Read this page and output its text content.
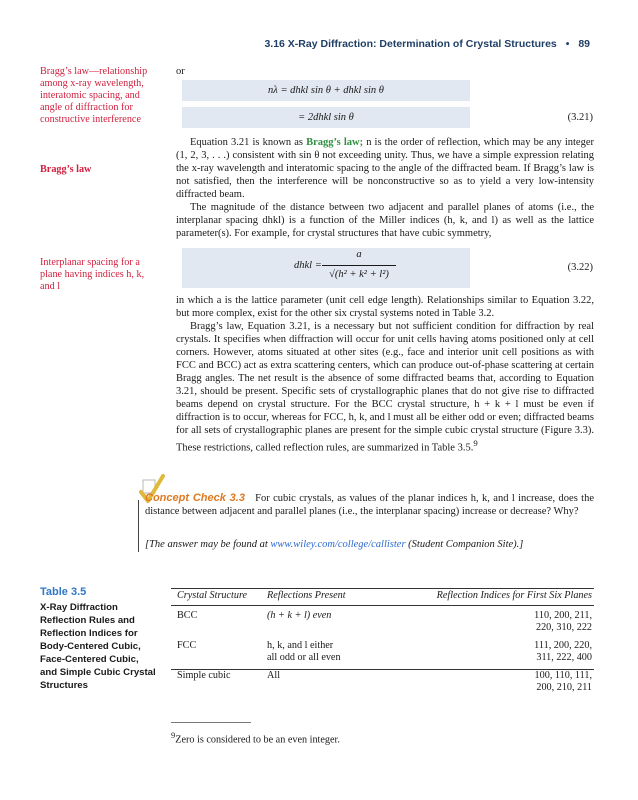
3.16 X-Ray Diffraction: Determination of Crystal Structures • 89
Bragg’s law—relationship among x-ray wavelength, interatomic spacing, and angle of diffraction for constructive interference
Bragg’s law
Interplanar spacing for a plane having indices h, k, and l
or
nλ = dhkl sin θ + dhkl sin θ
= 2dhkl sin θ	(3.21)

Equation 3.21 is known as Bragg’s law; n is the order of reflection, which may be any integer (1, 2, 3, . . .) consistent with sin θ not exceeding unity. Thus, we have a simple expression relating the x-ray wavelength and interatomic spacing to the angle of the diffracted beam. If Bragg’s law is not satisfied, then the interference will be nonconstructive so as to yield a very low-intensity diffracted beam.

The magnitude of the distance between two adjacent and parallel planes of atoms (i.e., the interplanar spacing dhkl) is a function of the Miller indices (h, k, and l) as well as the lattice parameter(s). For example, for crystal structures that have cubic symmetry,

dhkl =
a
√(h² + k² + l²)
(3.22)

in which a is the lattice parameter (unit cell edge length). Relationships similar to Equation 3.22, but more complex, exist for the other six crystal systems noted in Table 3.2.

Bragg’s law, Equation 3.21, is a necessary but not sufficient condition for diffraction by real crystals. It specifies when diffraction will occur for unit cells having atoms positioned only at cell corners. However, atoms situated at other sites (e.g., face and interior unit cell positions as with FCC and BCC) act as extra scattering centers, which can produce out-of-phase scattering at certain Bragg angles. The net result is the absence of some diffracted beams that, according to Equation 3.21, should be present. Specific sets of crystallographic planes that do not give rise to diffracted beams depend on crystal structure. For the BCC crystal structure, h + k + l must be even if diffraction is to occur, whereas for FCC, h, k, and l must all be either odd or even; diffracted beams for all sets of crystallographic planes are present for the simple cubic crystal structure (Figure 3.3). These restrictions, called reflection rules, are summarized in Table 3.5.$^9$

Concept Check 3.3 For cubic crystals, as values of the planar indices h, k, and l increase, does the distance between adjacent and parallel planes (i.e., the interplanar spacing) increase or decrease? Why?
[The answer may be found at www.wiley.com/college/callister (Student Companion Site).]
Table 3.5
X-Ray Diffraction Reflection Rules and Reflection Indices for Body-Centered Cubic, Face-Centered Cubic, and Simple Cubic Crystal Structures
Crystal Structure	Reflections Present	Reflection Indices for First Six Planes
BCC	(h + k + l) even	110, 200, 211,
220, 310, 222
FCC	h, k, and l either
all odd or all even	111, 200, 220,
311, 222, 400
Simple cubic	All	100, 110, 111,
200, 210, 211
$^9$Zero is considered to be an even integer.
